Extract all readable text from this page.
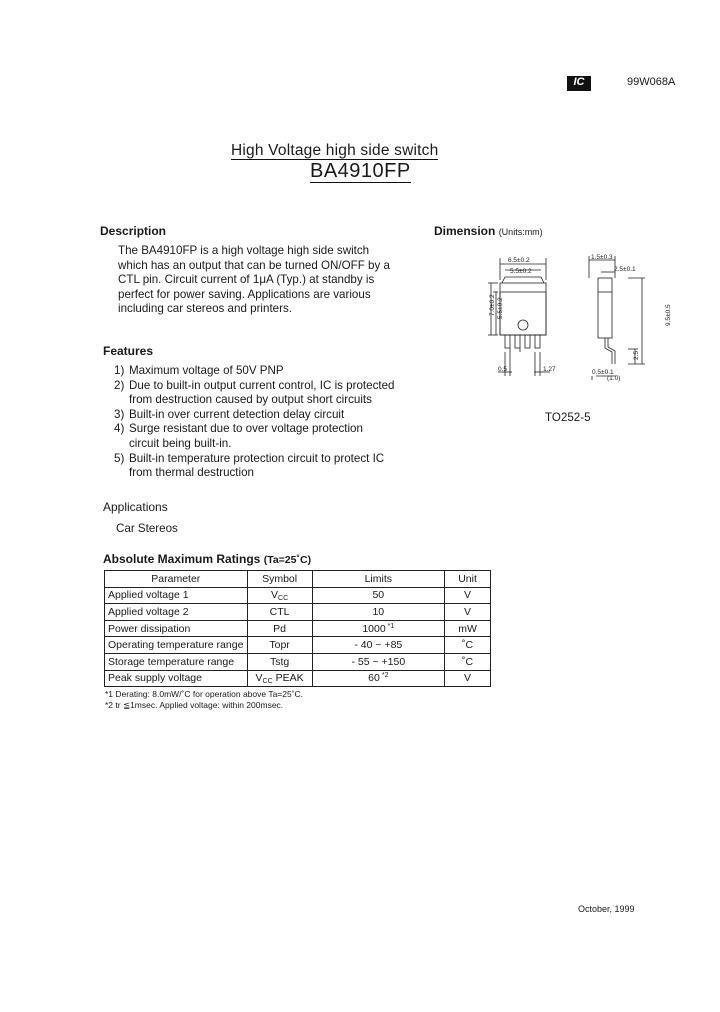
IC	99W068A
High Voltage high side switch
BA4910FP
Description
The BA4910FP is a high voltage high side switch
which has an output that can be turned ON/OFF by a
CTL pin. Circuit current of 1μA (Typ.) at standby is
perfect for power saving. Applications are various
including car stereos and printers.
Dimension (Units:mm)
6.5±0.2
5.5±0.2
7.0±0.2 5.5±0.2
0.5	1.27
1.5±0.3
2.5±0.1
9.5±0.5
2.5
0.5±0.1
(1.0)
TO252-5
Features
1) Maximum voltage of 50V PNP
2) Due to built-in output current control, IC is protected
from destruction caused by output short circuits
3) Built-in over current detection delay circuit
4) Surge resistant due to over voltage protection
circuit being built-in.
5) Built-in temperature protection circuit to protect IC
from thermal destruction
Applications
Car Stereos
Absolute Maximum Ratings (Ta=25˚C)
Parameter	Symbol	Limits	Unit
Applied voltage 1	$V_{CC}$	50	V
Applied voltage 2	CTL	10	V
Power dissipation	Pd	1000 $^{*1}$	mW
Operating temperature range	Topr	- 40 ~ +85	˚C
Storage temperature range	Tstg	- 55 ~ +150	˚C
Peak supply voltage	$V_{CC}$ PEAK	60 $^{*2}$	V
*1 Derating: 8.0mW/˚C for operation above Ta=25˚C.
*2 tr ≦1msec. Applied voltage: within 200msec.
October, 1999
